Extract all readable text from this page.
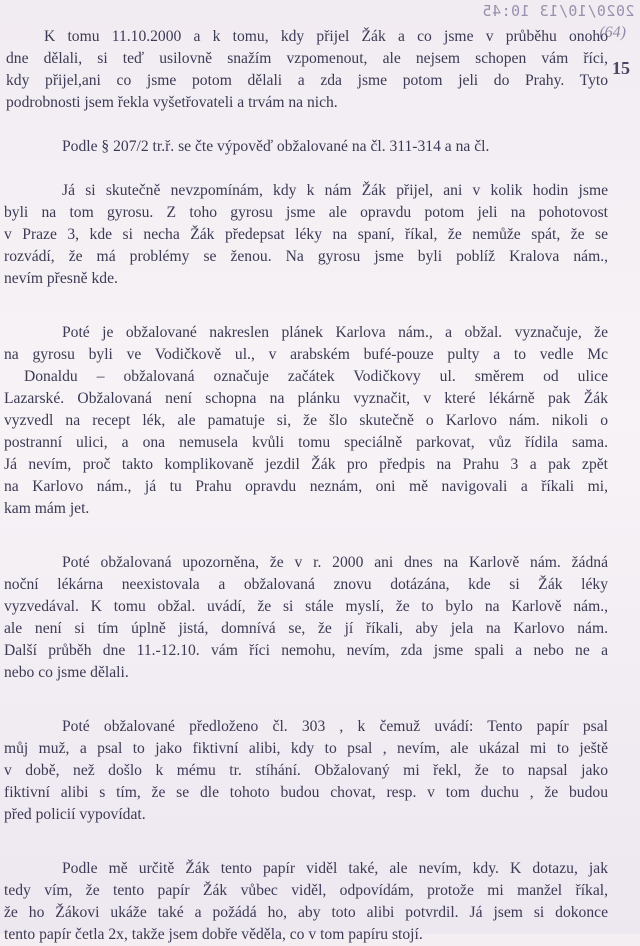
2020/10/13 10:45
(64)
15
K tomu 11.10.2000 a k tomu, kdy přijel Žák a co jsme v průběhu onoho
dne dělali, si teď usilovně snažím vzpomenout, ale nejsem schopen vám říci,
kdy přijel,ani co jsme potom dělali a zda jsme potom jeli do Prahy. Tyto
podrobnosti jsem řekla vyšetřovateli a trvám na nich.
Podle § 207/2 tr.ř. se čte výpověď obžalované na čl. 311-314 a na čl.
Já si skutečně nevzpomínám, kdy k nám Žák přijel, ani v kolik hodin jsme
byli na tom gyrosu. Z toho gyrosu jsme ale opravdu potom jeli na pohotovost
v Praze 3, kde si necha Žák předepsat léky na spaní, říkal, že nemůže spát, že se
rozvádí, že má problémy se ženou. Na gyrosu jsme byli poblíž Kralova nám.,
nevím přesně kde.
Poté je obžalované nakreslen plánek Karlova nám., a obžal. vyznačuje, že
na gyrosu byli ve Vodičkově ul., v arabském bufé-pouze pulty a to vedle Mc
Donaldu – obžalovaná označuje začátek Vodičkovy ul. směrem od ulice
Lazarské. Obžalovaná není schopna na plánku vyznačit, v které lékárně pak Žák
vyzvedl na recept lék, ale pamatuje si, že šlo skutečně o Karlovo nám. nikoli o
postranní ulici, a ona nemusela kvůli tomu speciálně parkovat, vůz řídila sama.
Já nevím, proč takto komplikovaně jezdil Žák pro předpis na Prahu 3 a pak zpět
na Karlovo nám., já tu Prahu opravdu neznám, oni mě navigovali a říkali mi,
kam mám jet.
Poté obžalovaná upozorněna, že v r. 2000 ani dnes na Karlově nám. žádná
noční lékárna neexistovala a obžalovaná znovu dotázána, kde si Žák léky
vyzvedával. K tomu obžal. uvádí, že si stále myslí, že to bylo na Karlově nám.,
ale není si tím úplně jistá, domnívá se, že jí říkali, aby jela na Karlovo nám.
Další průběh dne 11.-12.10. vám říci nemohu, nevím, zda jsme spali a nebo ne a
nebo co jsme dělali.
Poté obžalované předloženo čl. 303 , k čemuž uvádí: Tento papír psal
můj muž, a psal to jako fiktivní alibi, kdy to psal , nevím, ale ukázal mi to ještě
v době, než došlo k mému tr. stíhání. Obžalovaný mi řekl, že to napsal jako
fiktivní alibi s tím, že se dle tohoto budou chovat, resp. v tom duchu , že budou
před policií vypovídat.
Podle mě určitě Žák tento papír viděl také, ale nevím, kdy. K dotazu, jak
tedy vím, že tento papír Žák vůbec viděl, odpovídám, protože mi manžel říkal,
že ho Žákovi ukáže také a požádá ho, aby toto alibi potvrdil. Já jsem si dokonce
tento papír četla 2x, takže jsem dobře věděla, co v tom papíru stojí.
